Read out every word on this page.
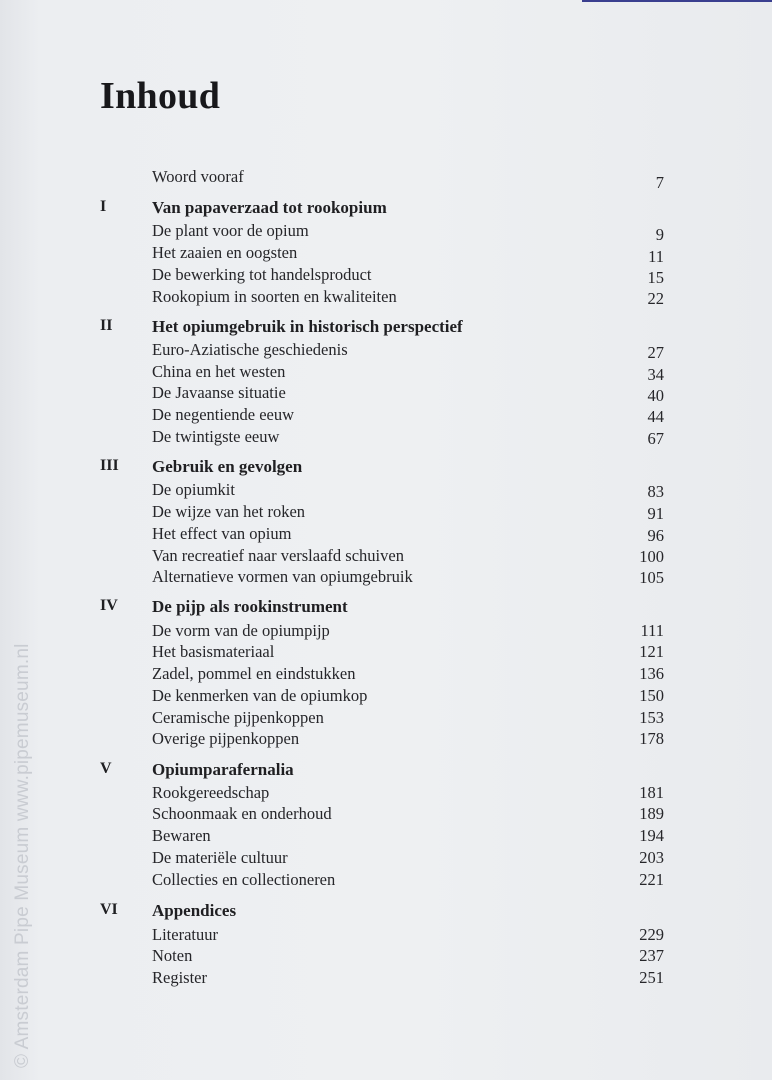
Inhoud
Woord vooraf	7
I	Van papaverzaad tot rookopium
De plant voor de opium	9
Het zaaien en oogsten	11
De bewerking tot handelsproduct	15
Rookopium in soorten en kwaliteiten	22
II Het opiumgebruik in historisch perspectief
Euro-Aziatische geschiedenis	27
China en het westen	34
De Javaanse situatie	40
De negentiende eeuw	44
De twintigste eeuw	67
III Gebruik en gevolgen
De opiumkit	83
De wijze van het roken	91
Het effect van opium	96
Van recreatief naar verslaafd schuiven	100
Alternatieve vormen van opiumgebruik	105
IV De pijp als rookinstrument
De vorm van de opiumpijp	111
Het basismateriaal	121
Zadel, pommel en eindstukken	136
De kenmerken van de opiumkop	150
Ceramische pijpenkoppen	153
Overige pijpenkoppen	178
V Opiumparafernalia
Rookgereedschap	181
Schoonmaak en onderhoud	189
Bewaren	194
De materiële cultuur	203
Collecties en collectioneren	221
VI Appendices
Literatuur	229
Noten	237
Register	251
© Amsterdam Pipe Museum www.pipemuseum.nl
